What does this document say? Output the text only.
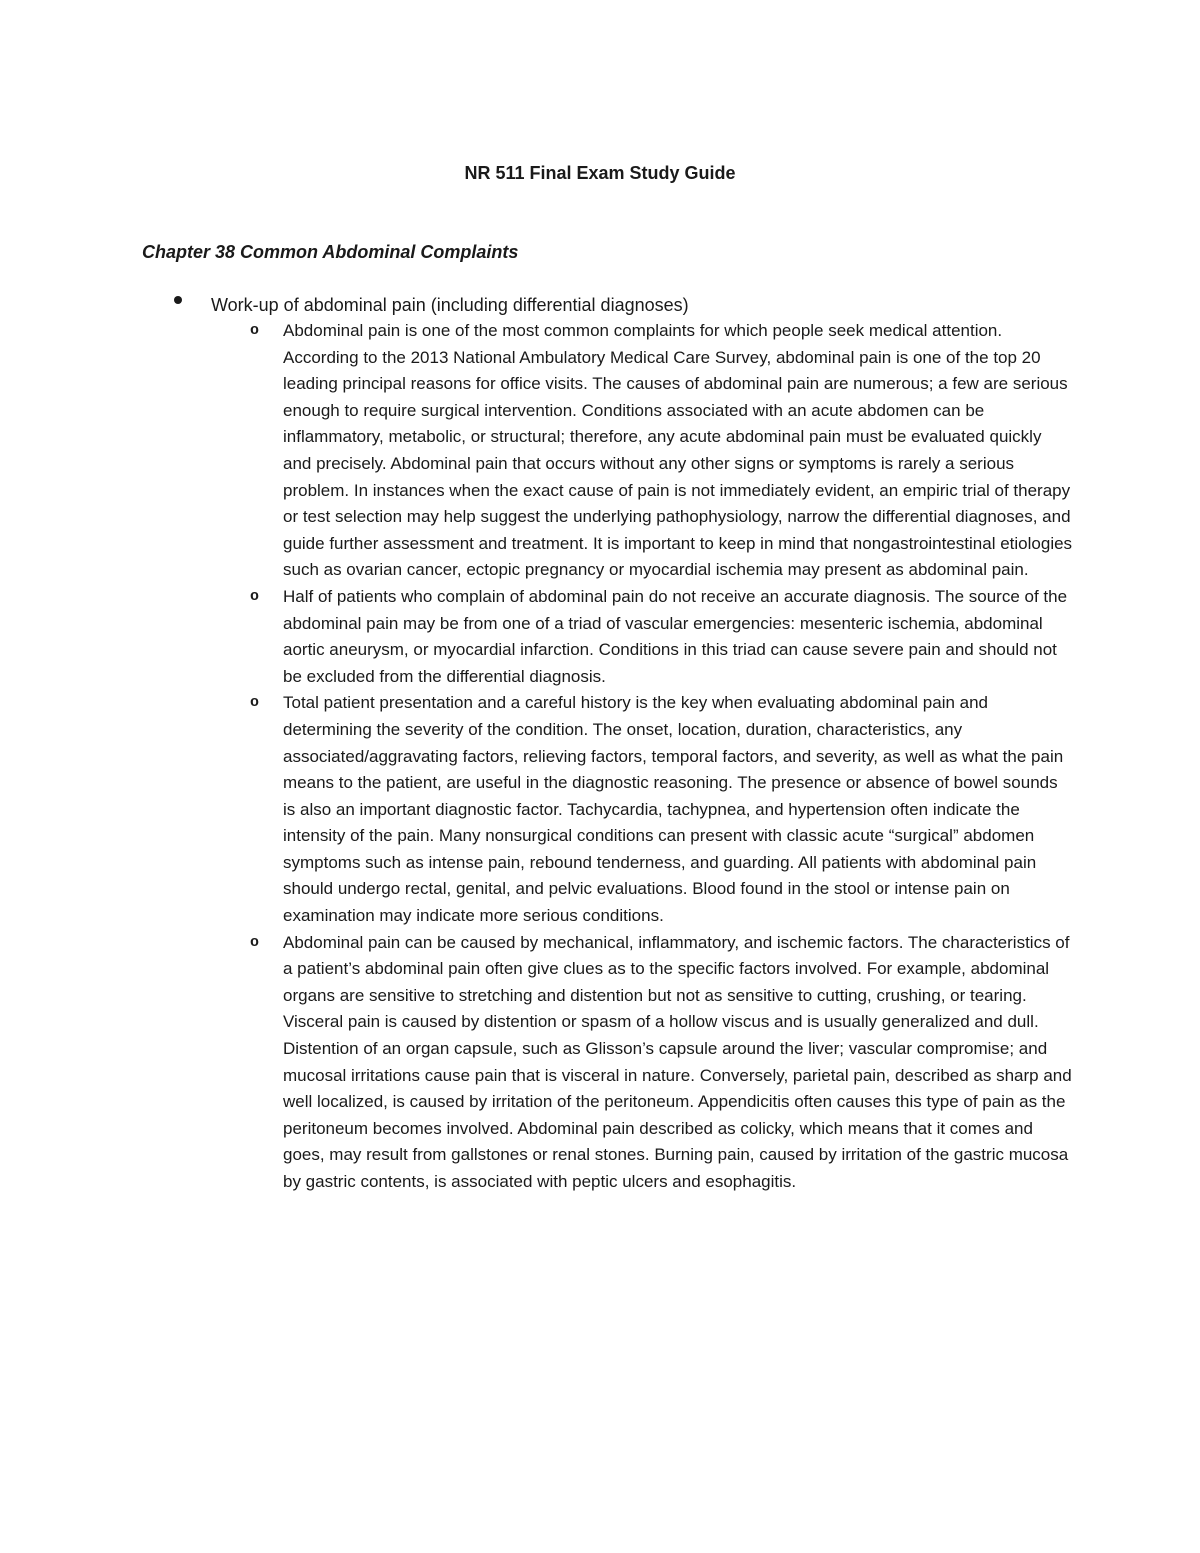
NR 511 Final Exam Study Guide
Chapter 38 Common Abdominal Complaints
Work-up of abdominal pain (including differential diagnoses)
o Abdominal pain is one of the most common complaints for which people seek medical attention. According to the 2013 National Ambulatory Medical Care Survey, abdominal pain is one of the top 20 leading principal reasons for office visits. The causes of abdominal pain are numerous; a few are serious enough to require surgical intervention. Conditions associated with an acute abdomen can be inflammatory, metabolic, or structural; therefore, any acute abdominal pain must be evaluated quickly and precisely. Abdominal pain that occurs without any other signs or symptoms is rarely a serious problem. In instances when the exact cause of pain is not immediately evident, an empiric trial of therapy or test selection may help suggest the underlying pathophysiology, narrow the differential diagnoses, and guide further assessment and treatment. It is important to keep in mind that nongastrointestinal etiologies such as ovarian cancer, ectopic pregnancy or myocardial ischemia may present as abdominal pain.
o Half of patients who complain of abdominal pain do not receive an accurate diagnosis. The source of the abdominal pain may be from one of a triad of vascular emergencies: mesenteric ischemia, abdominal aortic aneurysm, or myocardial infarction. Conditions in this triad can cause severe pain and should not be excluded from the differential diagnosis.
o Total patient presentation and a careful history is the key when evaluating abdominal pain and determining the severity of the condition. The onset, location, duration, characteristics, any associated/aggravating factors, relieving factors, temporal factors, and severity, as well as what the pain means to the patient, are useful in the diagnostic reasoning. The presence or absence of bowel sounds is also an important diagnostic factor. Tachycardia, tachypnea, and hypertension often indicate the intensity of the pain. Many nonsurgical conditions can present with classic acute “surgical” abdomen symptoms such as intense pain, rebound tenderness, and guarding. All patients with abdominal pain should undergo rectal, genital, and pelvic evaluations. Blood found in the stool or intense pain on examination may indicate more serious conditions.
o Abdominal pain can be caused by mechanical, inflammatory, and ischemic factors. The characteristics of a patient’s abdominal pain often give clues as to the specific factors involved. For example, abdominal organs are sensitive to stretching and distention but not as sensitive to cutting, crushing, or tearing. Visceral pain is caused by distention or spasm of a hollow viscus and is usually generalized and dull. Distention of an organ capsule, such as Glisson’s capsule around the liver; vascular compromise; and mucosal irritations cause pain that is visceral in nature. Conversely, parietal pain, described as sharp and well localized, is caused by irritation of the peritoneum. Appendicitis often causes this type of pain as the peritoneum becomes involved. Abdominal pain described as colicky, which means that it comes and goes, may result from gallstones or renal stones. Burning pain, caused by irritation of the gastric mucosa by gastric contents, is associated with peptic ulcers and esophagitis.
